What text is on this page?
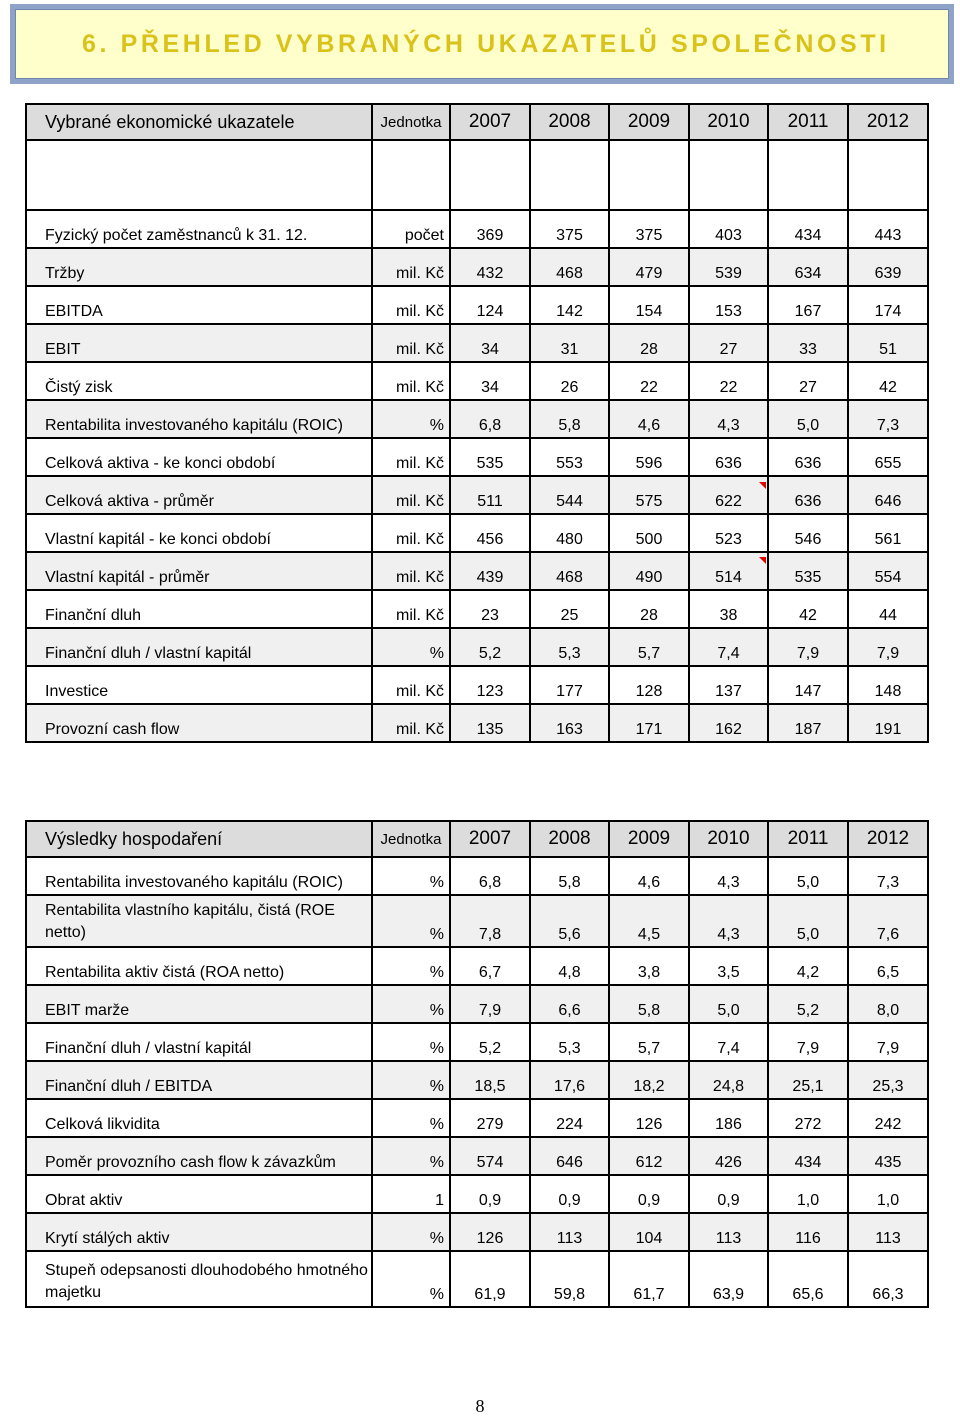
6. PŘEHLED VYBRANÝCH UKAZATELŮ SPOLEČNOSTI
Vybrané ekonomické ukazatele	Jednotka	2007	2008	2009	2010	2011	2012

Fyzický počet zaměstnanců k 31. 12.	počet	369	375	375	403	434	443
Tržby	mil. Kč	432	468	479	539	634	639
EBITDA	mil. Kč	124	142	154	153	167	174
EBIT	mil. Kč	34	31	28	27	33	51
Čistý zisk	mil. Kč	34	26	22	22	27	42
Rentabilita investovaného kapitálu (ROIC)	%	6,8	5,8	4,6	4,3	5,0	7,3
Celková aktiva - ke konci období	mil. Kč	535	553	596	636	636	655
Celková aktiva - průměr	mil. Kč	511	544	575	622	636	646
Vlastní kapitál - ke konci období	mil. Kč	456	480	500	523	546	561
Vlastní kapitál - průměr	mil. Kč	439	468	490	514	535	554
Finanční dluh	mil. Kč	23	25	28	38	42	44
Finanční dluh / vlastní kapitál	%	5,2	5,3	5,7	7,4	7,9	7,9
Investice	mil. Kč	123	177	128	137	147	148
Provozní cash flow	mil. Kč	135	163	171	162	187	191
Výsledky hospodaření	Jednotka	2007	2008	2009	2010	2011	2012
Rentabilita investovaného kapitálu (ROIC)	%	6,8	5,8	4,6	4,3	5,0	7,3
Rentabilita vlastního kapitálu, čistá (ROE netto)	%	7,8	5,6	4,5	4,3	5,0	7,6
Rentabilita aktiv čistá (ROA netto)	%	6,7	4,8	3,8	3,5	4,2	6,5
EBIT marže	%	7,9	6,6	5,8	5,0	5,2	8,0
Finanční dluh / vlastní kapitál	%	5,2	5,3	5,7	7,4	7,9	7,9
Finanční dluh / EBITDA	%	18,5	17,6	18,2	24,8	25,1	25,3
Celková likvidita	%	279	224	126	186	272	242
Poměr provozního cash flow k závazkům	%	574	646	612	426	434	435
Obrat aktiv	1	0,9	0,9	0,9	0,9	1,0	1,0
Krytí stálých aktiv	%	126	113	104	113	116	113
Stupeň odepsanosti dlouhodobého hmotného majetku	%	61,9	59,8	61,7	63,9	65,6	66,3
8
